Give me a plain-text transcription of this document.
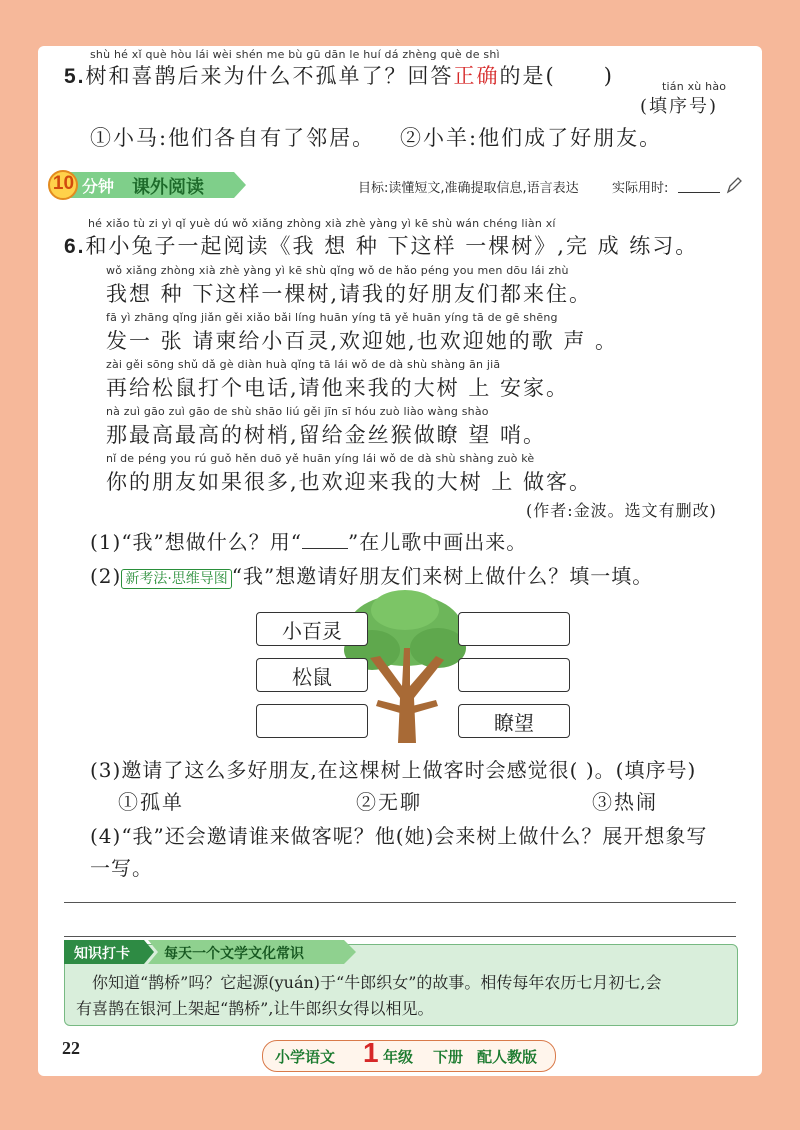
shù hé xǐ què hòu lái wèi shén me bù gū dān le huí dá zhèng què de shì
5.树和喜鹊后来为什么不孤单了？回答正确的是( )	tián xù hào
(填序号)
①小马:他们各自有了邻居。 ②小羊:他们成了好朋友。
10 分钟 课外阅读	目标:读懂短文,准确提取信息,语言表达	实际用时:
hé xiǎo tù zi yì qǐ yuè dú wǒ xiǎng zhòng xià zhè yàng yì kē shù wán chéng liàn xí
6.和小兔子一起阅读《我 想 种 下这样 一棵树》,完 成 练习。
wǒ xiǎng zhòng xià zhè yàng yì kē shù qǐng wǒ de hǎo péng you men dōu lái zhù
我想 种 下这样一棵树,请我的好朋友们都来住。
fā yì zhāng qǐng jiǎn gěi xiǎo bǎi líng huān yíng tā yě huān yíng tā de gē shēng
发一 张 请柬给小百灵,欢迎她,也欢迎她的歌 声 。
zài gěi sōng shǔ dǎ gè diàn huà qǐng tā lái wǒ de dà shù shàng ān jiā
再给松鼠打个电话,请他来我的大树 上 安家。
nà zuì gāo zuì gāo de shù shāo liú gěi jīn sī hóu zuò liào wàng shào
那最高最高的树梢,留给金丝猴做瞭 望 哨。
nǐ de péng you rú guǒ hěn duō yě huān yíng lái wǒ de dà shù shàng zuò kè
你的朋友如果很多,也欢迎来我的大树 上 做客。
(作者:金波。选文有删改)
(1)“我”想做什么？用“ ”在儿歌中画出来。
(2) 新考法·思维导图 “我”想邀请好朋友们来树上做什么？填一填。
小百灵
松鼠
瞭望
(3)邀请了这么多好朋友,在这棵树上做客时会感觉很( )。(填序号)
①孤单	②无聊	③热闹
(4)“我”还会邀请谁来做客呢？他(她)会来树上做什么？展开想象写
一写。
知识打卡 每天一个文学文化常识
你知道“鹊桥”吗？它起源(yuán)于“牛郎织女”的故事。相传每年农历七月初七,会
有喜鹊在银河上架起“鹊桥”,让牛郎织女得以相见。
22	小学语文 1 年级 下册 配人教版
